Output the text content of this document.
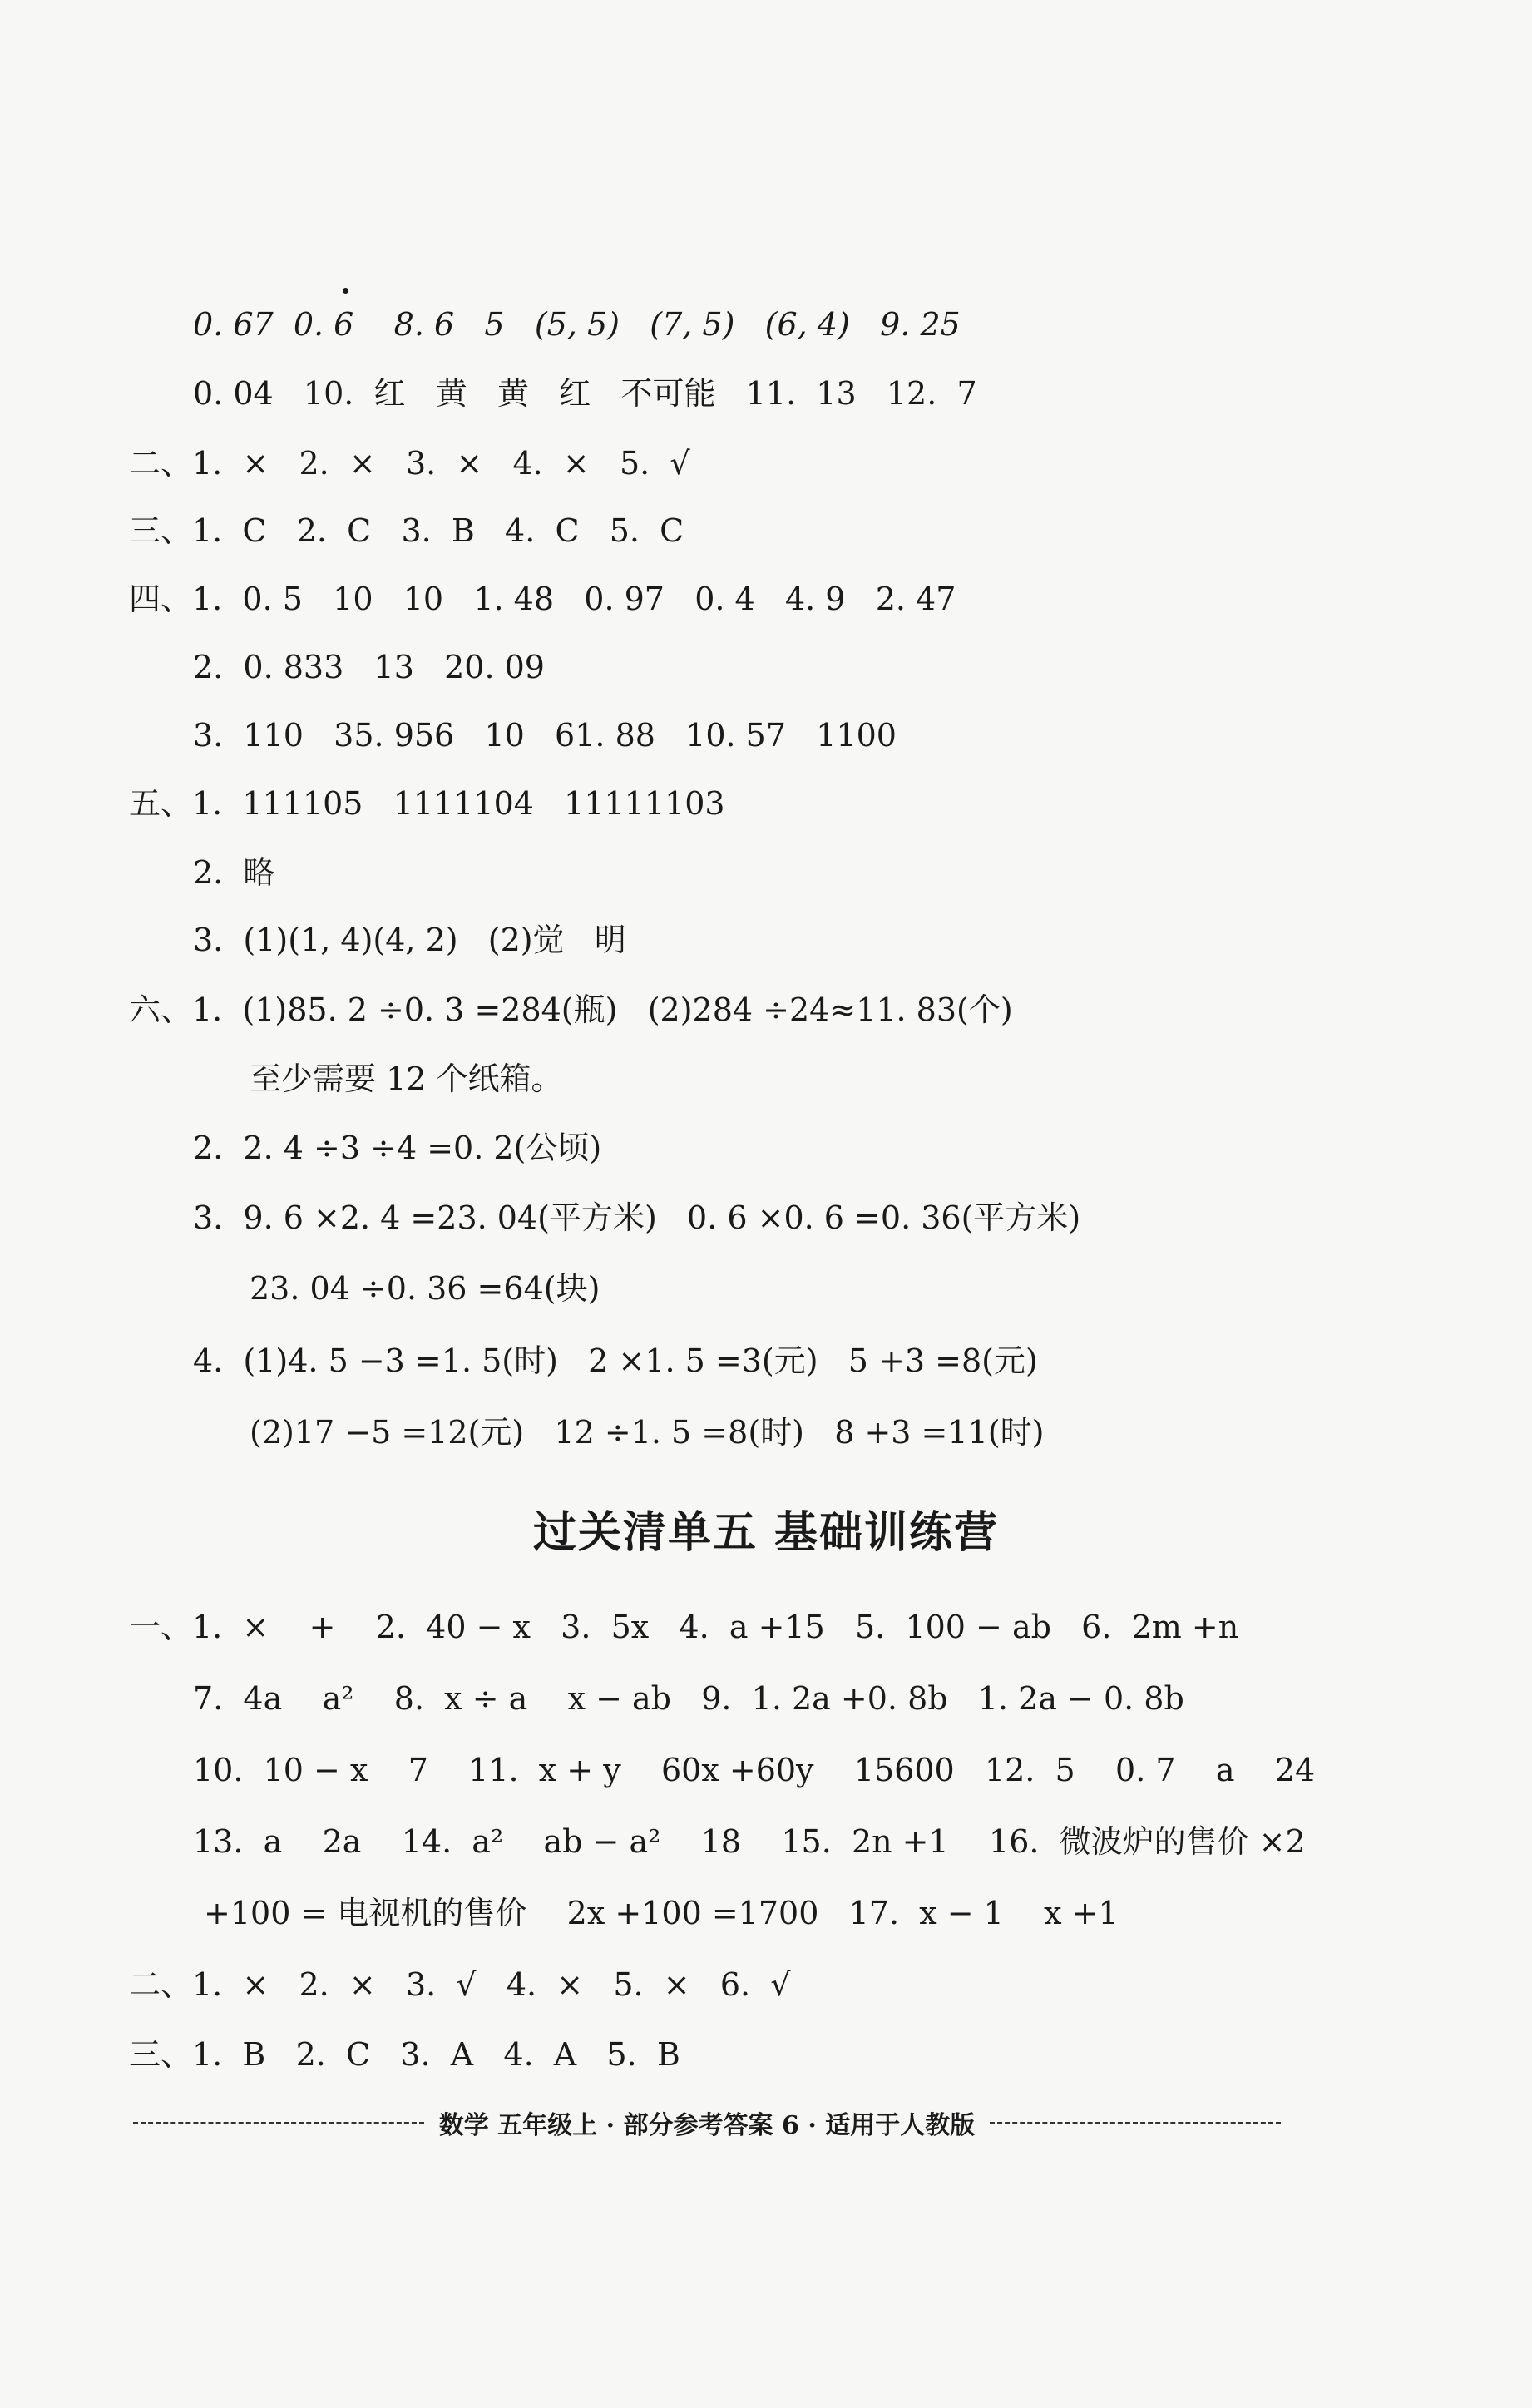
0. 67  0. 6    8. 6   5   (5, 5)   (7, 5)   (6, 4)   9. 25
0. 04   10.  红   黄   黄   红   不可能   11.  13   12.  7
二、1.  ×   2.  ×   3.  ×   4.  ×   5.  √
三、1.  C   2.  C   3.  B   4.  C   5.  C
四、1.  0. 5   10   10   1. 48   0. 97   0. 4   4. 9   2. 47
2.  0. 833   13   20. 09
3.  110   35. 956   10   61. 88   10. 57   1100
五、1.  111105   1111104   11111103
2.  略
3.  (1)(1, 4)(4, 2)   (2)觉   明
六、1.  (1)85. 2 ÷0. 3 =284(瓶)   (2)284 ÷24≈11. 83(个)
至少需要 12 个纸箱。
2.  2. 4 ÷3 ÷4 =0. 2(公顷)
3.  9. 6 ×2. 4 =23. 04(平方米)   0. 6 ×0. 6 =0. 36(平方米)
23. 04 ÷0. 36 =64(块)
4.  (1)4. 5 −3 =1. 5(时)   2 ×1. 5 =3(元)   5 +3 =8(元)
(2)17 −5 =12(元)   12 ÷1. 5 =8(时)   8 +3 =11(时)
一、1.  ×    +    2.  40 − x   3.  5x   4.  a +15   5.  100 − ab   6.  2m +n
7.  4a    a²    8.  x ÷ a    x − ab   9.  1. 2a +0. 8b   1. 2a − 0. 8b
10.  10 − x    7    11.  x + y    60x +60y    15600   12.  5    0. 7    a    24
13.  a    2a    14.  a²    ab − a²    18    15.  2n +1    16.  微波炉的售价 ×2
+100 = 电视机的售价    2x +100 =1700   17.  x − 1    x +1
二、1.  ×   2.  ×   3.  √   4.  ×   5.  ×   6.  √
三、1.  B   2.  C   3.  A   4.  A   5.  B
过关清单五 基础训练营
数学 五年级上 · 部分参考答案 6 · 适用于人教版
